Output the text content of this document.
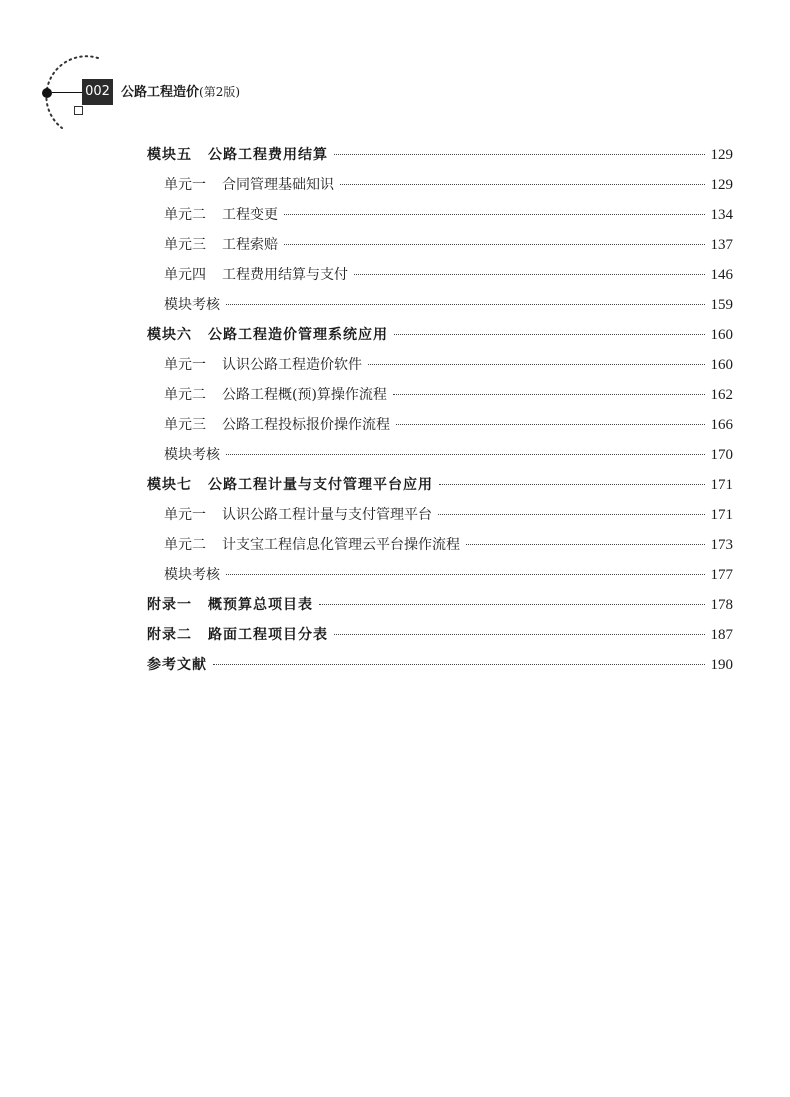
002 公路工程造价(第2版)
模块五 公路工程费用结算	129
单元一 合同管理基础知识	129
单元二 工程变更	134
单元三 工程索赔	137
单元四 工程费用结算与支付	146
模块考核	159
模块六 公路工程造价管理系统应用	160
单元一 认识公路工程造价软件	160
单元二 公路工程概(预)算操作流程	162
单元三 公路工程投标报价操作流程	166
模块考核	170
模块七 公路工程计量与支付管理平台应用	171
单元一 认识公路工程计量与支付管理平台	171
单元二 计支宝工程信息化管理云平台操作流程	173
模块考核	177
附录一 概预算总项目表	178
附录二 路面工程项目分表	187
参考文献	190
